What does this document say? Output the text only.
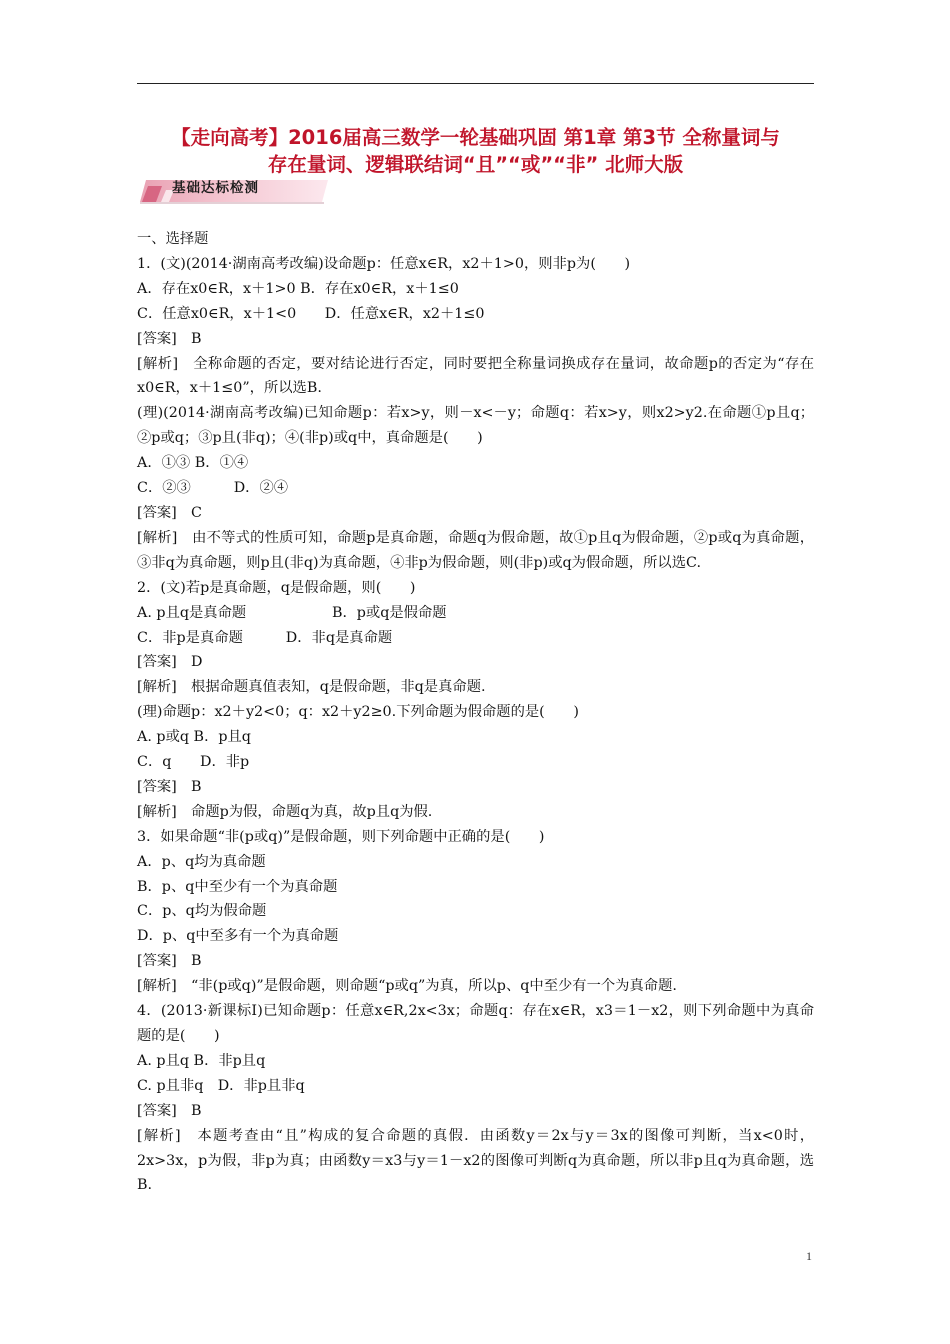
【走向高考】2016届高三数学一轮基础巩固 第1章 第3节 全称量词与
存在量词、逻辑联结词“且”“或”“非” 北师大版
基础达标检测

一、选择题

1．(文)(2014·湖南高考改编)设命题p：任意x∈R，x2＋1>0，则非p为(　　)

A．存在x0∈R，x＋1>0 B．存在x0∈R，x＋1≤0

C．任意x0∈R，x＋1<0　　D．任意x∈R，x2＋1≤0

[答案]　B

[解析]　全称命题的否定，要对结论进行否定，同时要把全称量词换成存在量词，故命题p的否定为“存在x0∈R，x＋1≤0”，所以选B.

(理)(2014·湖南高考改编)已知命题p：若x>y，则－x<－y；命题q：若x>y，则x2>y2.在命题①p且q；②p或q；③p且(非q)；④(非p)或q中，真命题是(　　)

A．①③ B．①④

C．②③　　　D．②④

[答案]　C

[解析]　由不等式的性质可知，命题p是真命题，命题q为假命题，故①p且q为假命题，②p或q为真命题，③非q为真命题，则p且(非q)为真命题，④非p为假命题，则(非p)或q为假命题，所以选C.

2．(文)若p是真命题，q是假命题，则(　　)

A. p且q是真命题　　　　　　B．p或q是假命题

C．非p是真命题　　　D．非q是真命题

[答案]　D

[解析]　根据命题真值表知，q是假命题，非q是真命题.

(理)命题p：x2＋y2<0；q：x2＋y2≥0.下列命题为假命题的是(　　)

A. p或q B．p且q

C．q　　D．非p

[答案]　B

[解析]　命题p为假，命题q为真，故p且q为假.

3．如果命题“非(p或q)”是假命题，则下列命题中正确的是(　　)

A．p、q均为真命题

B．p、q中至少有一个为真命题

C．p、q均为假命题

D．p、q中至多有一个为真命题

[答案]　B

[解析]　“非(p或q)”是假命题，则命题“p或q”为真，所以p、q中至少有一个为真命题.

4．(2013·新课标Ⅰ)已知命题p：任意x∈R,2x<3x；命题q：存在x∈R，x3＝1－x2，则下列命题中为真命题的是(　　)

A. p且q B．非p且q

C. p且非q　D．非p且非q

[答案]　B

[解析]　本题考查由“且”构成的复合命题的真假．由函数y＝2x与y＝3x的图像可判断，当x<0时，2x>3x，p为假，非p为真；由函数y＝x3与y＝1－x2的图像可判断q为真命题，所以非p且q为真命题，选B.

1
